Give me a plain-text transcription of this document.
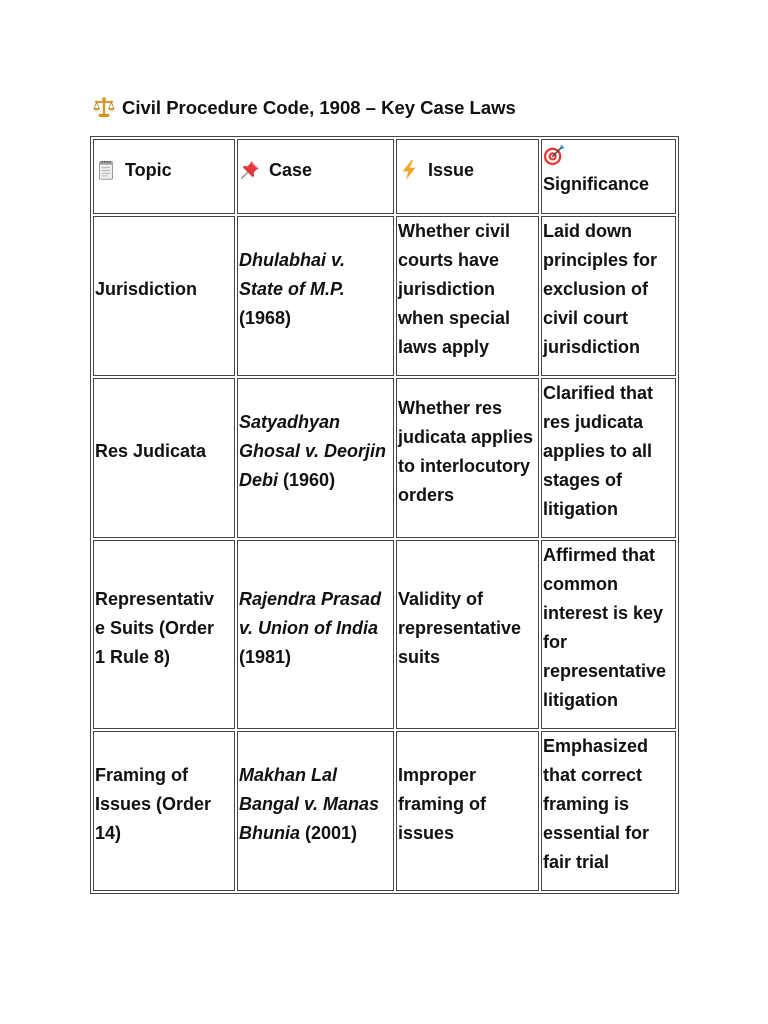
Civil Procedure Code, 1908 – Key Case Laws
Topic	Case	Issue	Significance
Jurisdiction	Dhulabhai v. State of M.P. (1968)	Whether civil courts have jurisdiction when special laws apply	Laid down principles for exclusion of civil court jurisdiction
Res Judicata	Satyadhyan Ghosal v. Deorjin Debi (1960)	Whether res judicata applies to interlocutory orders	Clarified that res judicata applies to all stages of litigation
Representative Suits (Order 1 Rule 8)	Rajendra Prasad v. Union of India (1981)	Validity of representative suits	Affirmed that common interest is key for representative litigation
Framing of Issues (Order 14)	Makhan Lal Bangal v. Manas Bhunia (2001)	Improper framing of issues	Emphasized that correct framing is essential for fair trial
